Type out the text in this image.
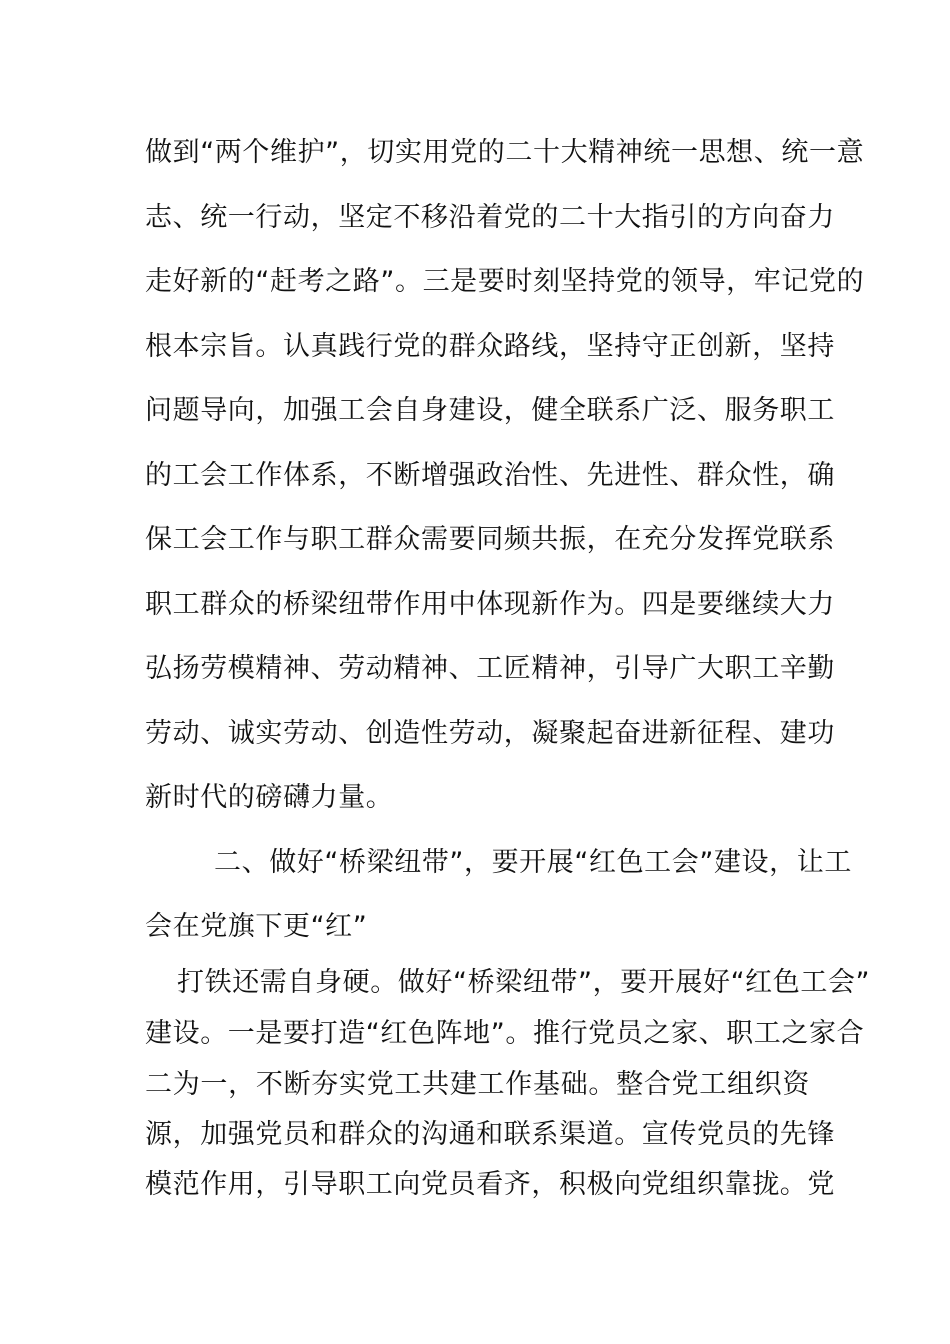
做到“两个维护”，切实用党的二十大精神统一思想、统一意
志、统一行动，坚定不移沿着党的二十大指引的方向奋力
走好新的“赶考之路”。三是要时刻坚持党的领导，牢记党的
根本宗旨。认真践行党的群众路线，坚持守正创新，坚持
问题导向，加强工会自身建设，健全联系广泛、服务职工
的工会工作体系，不断增强政治性、先进性、群众性，确
保工会工作与职工群众需要同频共振，在充分发挥党联系
职工群众的桥梁纽带作用中体现新作为。四是要继续大力
弘扬劳模精神、劳动精神、工匠精神，引导广大职工辛勤
劳动、诚实劳动、创造性劳动，凝聚起奋进新征程、建功
新时代的磅礴力量。
二、做好“桥梁纽带”，要开展“红色工会”建设，让工
会在党旗下更“红”
打铁还需自身硬。做好“桥梁纽带”，要开展好“红色工会”
建设。一是要打造“红色阵地”。推行党员之家、职工之家合
二为一，不断夯实党工共建工作基础。整合党工组织资
源，加强党员和群众的沟通和联系渠道。宣传党员的先锋
模范作用，引导职工向党员看齐，积极向党组织靠拢。党
